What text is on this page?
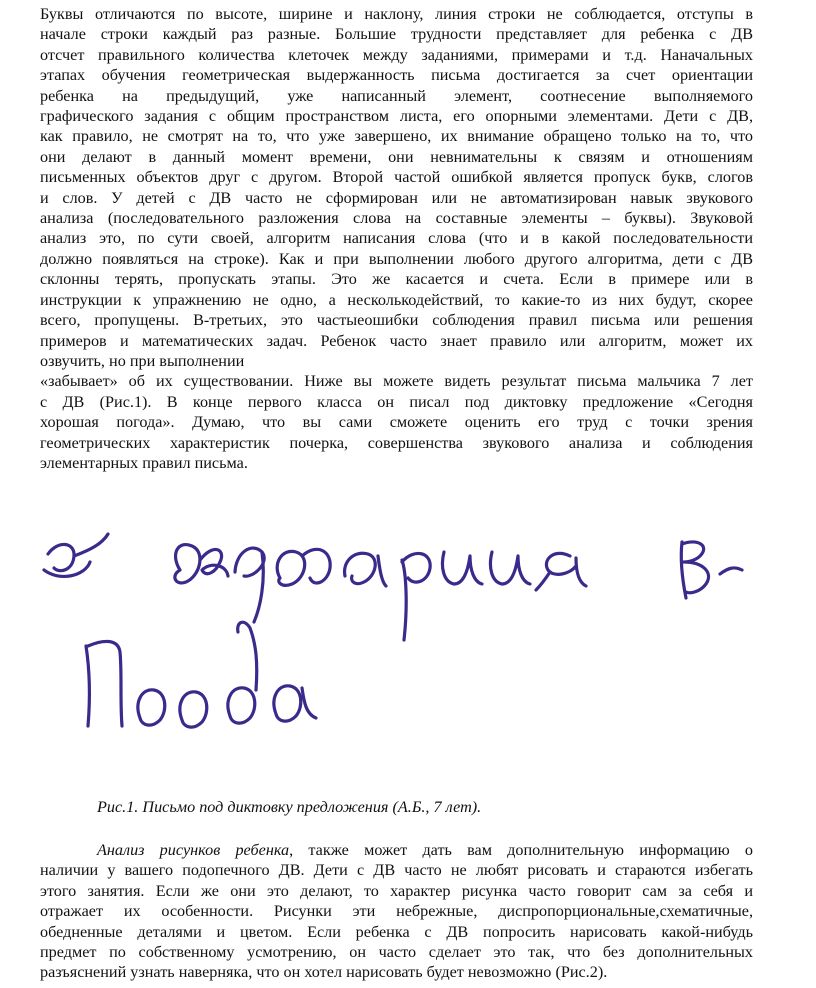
Буквы отличаются по высоте, ширине и наклону, линия строки не соблюдается, отступы в

начале строки каждый раз разные. Большие трудности представляет для ребенка с ДВ

отсчет правильного количества клеточек между заданиями, примерами и т.д. Наначальных

этапах обучения геометрическая выдержанность письма достигается за счет ориентации

ребенка на предыдущий, уже написанный элемент, соотнесение выполняемого

графического задания с общим пространством листа, его опорными элементами. Дети с ДВ,

как правило, не смотрят на то, что уже завершено, их внимание обращено только на то, что

они делают в данный момент времени, они невнимательны к связям и отношениям

письменных объектов друг с другом. Второй частой ошибкой является пропуск букв, слогов

и слов. У детей с ДВ часто не сформирован или не автоматизирован навык звукового

анализа (последовательного разложения слова на составные элементы – буквы). Звуковой

анализ это, по сути своей, алгоритм написания слова (что и в какой последовательности

должно появляться на строке). Как и при выполнении любого другого алгоритма, дети с ДВ

склонны терять, пропускать этапы. Это же касается и счета. Если в примере или в

инструкции к упражнению не одно, а несколькодействий, то какие-то из них будут, скорее

всего, пропущены. В-третьих, это частыеошибки соблюдения правил письма или решения

примеров и математических задач. Ребенок часто знает правило или алгоритм, может их

озвучить, но при выполнении

«забывает» об их существовании. Ниже вы можете видеть результат письма мальчика 7 лет

с ДВ (Рис.1). В конце первого класса он писал под диктовку предложение «Сегодня

хорошая погода». Думаю, что вы сами сможете оценить его труд с точки зрения

геометрических характеристик почерка, совершенства звукового анализа и соблюдения

элементарных правил письма.

Рис.1. Письмо под диктовку предложения (А.Б., 7 лет).

Анализ рисунков ребенка, также может дать вам дополнительную информацию о

наличии у вашего подопечного ДВ. Дети с ДВ часто не любят рисовать и стараются избегать

этого занятия. Если же они это делают, то характер рисунка часто говорит сам за себя и

отражает их особенности. Рисунки эти небрежные, диспропорциональные,схематичные,

обедненные деталями и цветом. Если ребенка с ДВ попросить нарисовать какой-нибудь

предмет по собственному усмотрению, он часто сделает это так, что без дополнительных

разъяснений узнать наверняка, что он хотел нарисовать будет невозможно (Рис.2).
